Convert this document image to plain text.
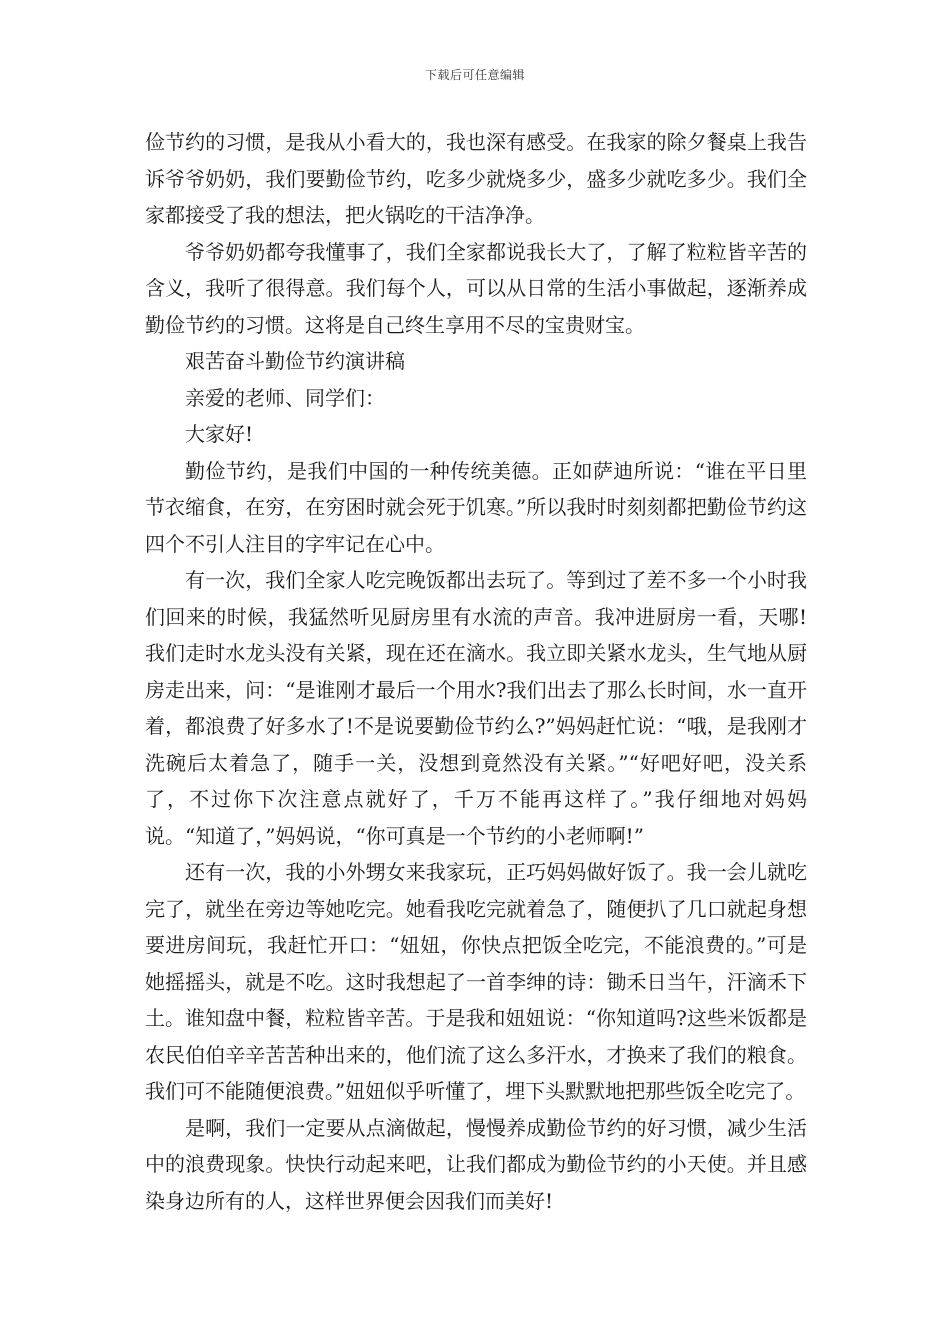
下载后可任意编辑

俭节约的习惯，是我从小看大的，我也深有感受。在我家的除夕餐桌上我告诉爷爷奶奶，我们要勤俭节约，吃多少就烧多少，盛多少就吃多少。我们全家都接受了我的想法，把火锅吃的干洁净净。

爷爷奶奶都夸我懂事了，我们全家都说我长大了，了解了粒粒皆辛苦的含义，我听了很得意。我们每个人，可以从日常的生活小事做起，逐渐养成勤俭节约的习惯。这将是自己终生享用不尽的宝贵财宝。

艰苦奋斗勤俭节约演讲稿

亲爱的老师、同学们：

大家好!

勤俭节约，是我们中国的一种传统美德。正如萨迪所说：“谁在平日里节衣缩食，在穷，在穷困时就会死于饥寒。”所以我时时刻刻都把勤俭节约这四个不引人注目的字牢记在心中。

有一次，我们全家人吃完晚饭都出去玩了。等到过了差不多一个小时我们回来的时候，我猛然听见厨房里有水流的声音。我冲进厨房一看，天哪!我们走时水龙头没有关紧，现在还在滴水。我立即关紧水龙头，生气地从厨房走出来，问：“是谁刚才最后一个用水?我们出去了那么长时间，水一直开着，都浪费了好多水了!不是说要勤俭节约么?”妈妈赶忙说：“哦，是我刚才洗碗后太着急了，随手一关，没想到竟然没有关紧。”“好吧好吧，没关系了，不过你下次注意点就好了，千万不能再这样了。”我仔细地对妈妈说。“知道了，”妈妈说，“你可真是一个节约的小老师啊!”

还有一次，我的小外甥女来我家玩，正巧妈妈做好饭了。我一会儿就吃完了，就坐在旁边等她吃完。她看我吃完就着急了，随便扒了几口就起身想要进房间玩，我赶忙开口：“妞妞，你快点把饭全吃完，不能浪费的。”可是她摇摇头，就是不吃。这时我想起了一首李绅的诗：锄禾日当午，汗滴禾下土。谁知盘中餐，粒粒皆辛苦。于是我和妞妞说：“你知道吗?这些米饭都是农民伯伯辛辛苦苦种出来的，他们流了这么多汗水，才换来了我们的粮食。我们可不能随便浪费。”妞妞似乎听懂了，埋下头默默地把那些饭全吃完了。

是啊，我们一定要从点滴做起，慢慢养成勤俭节约的好习惯，减少生活中的浪费现象。快快行动起来吧，让我们都成为勤俭节约的小天使。并且感染身边所有的人，这样世界便会因我们而美好!
